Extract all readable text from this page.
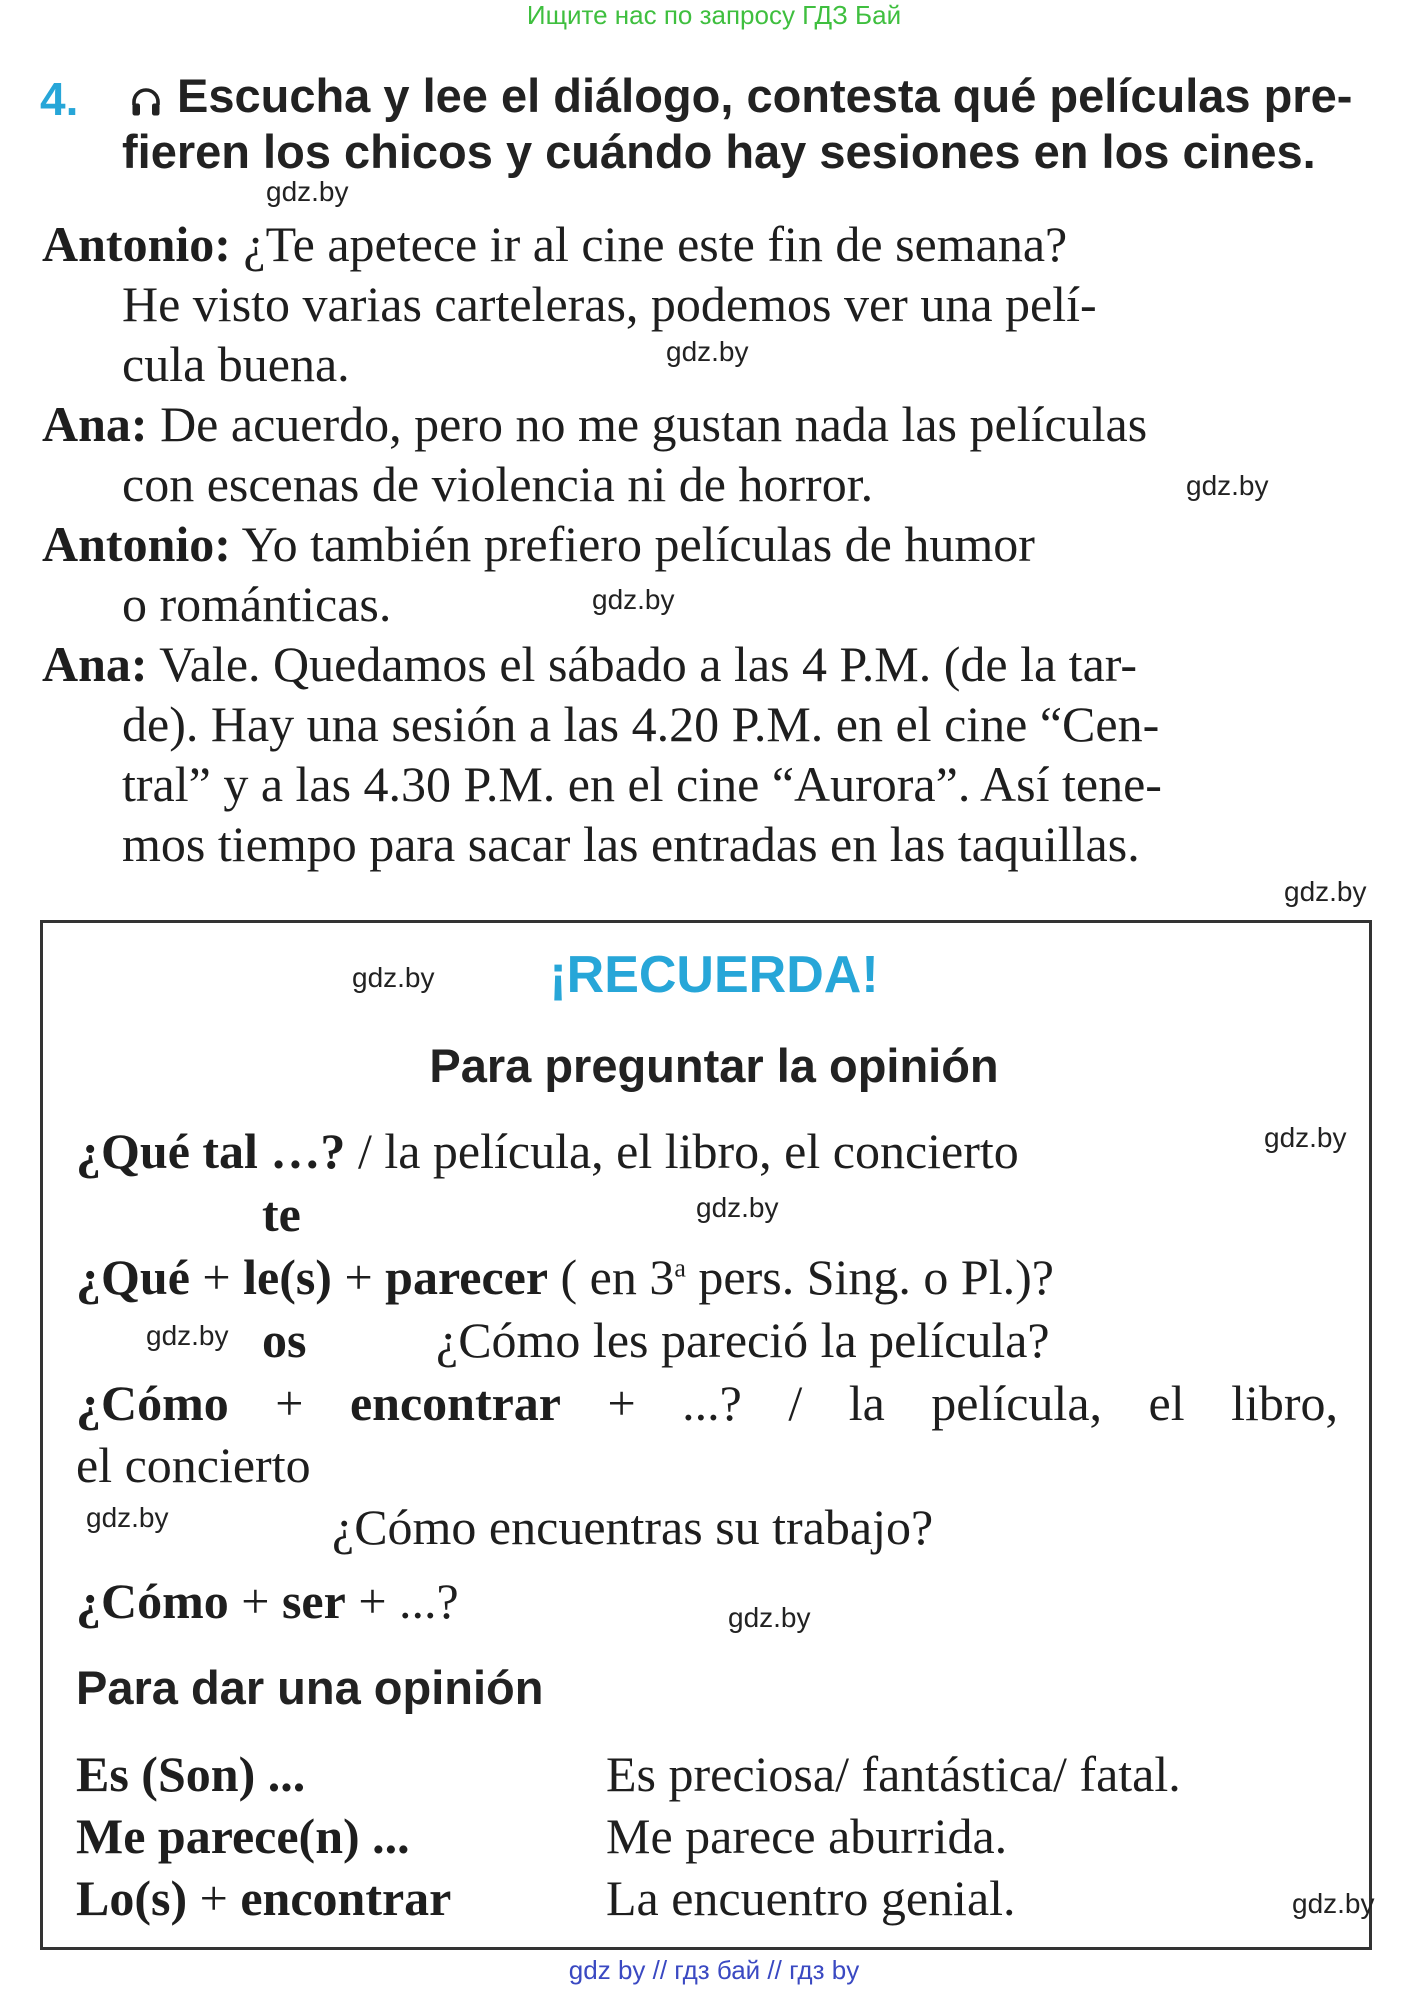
Ищите нас по запросу ГДЗ Бай
4. Escucha y lee el diálogo, contesta qué películas pre-
fieren los chicos y cuándo hay sesiones en los cines.
Antonio: ¿Te apetece ir al cine este fin de semana?
He visto varias carteleras, podemos ver una pelí-
cula buena.
Ana: De acuerdo, pero no me gustan nada las películas
con escenas de violencia ni de horror.
Antonio: Yo también prefiero películas de humor
o románticas.
Ana: Vale. Quedamos el sábado a las 4 P.M. (de la tar-
de). Hay una sesión a las 4.20 P.M. en el cine “Cen-
tral” y a las 4.30 P.M. en el cine “Aurora”. Así tene-
mos tiempo para sacar las entradas en las taquillas.
¡RECUERDA!
Para preguntar la opinión
¿Qué tal …? / la película, el libro, el concierto
te
¿Qué + le(s) + parecer ( en 3$^a$ pers. Sing. o Pl.)?
os	¿Cómo les pareció la película?
¿Cómo + encontrar + ...? / la película, el libro,
el concierto
¿Cómo encuentras su trabajo?
¿Cómo + ser + ...?
Para dar una opinión
Es (Son) ...	Es preciosa/ fantástica/ fatal.
Me parece(n) ...	Me parece aburrida.
Lo(s) + encontrar	La encuentro genial.
gdz.by
gdz.by
gdz.by
gdz.by
gdz.by
gdz.by
gdz.by
gdz.by
gdz.by
gdz.by
gdz.by
gdz.by
gdz by // гдз бай // гдз by
